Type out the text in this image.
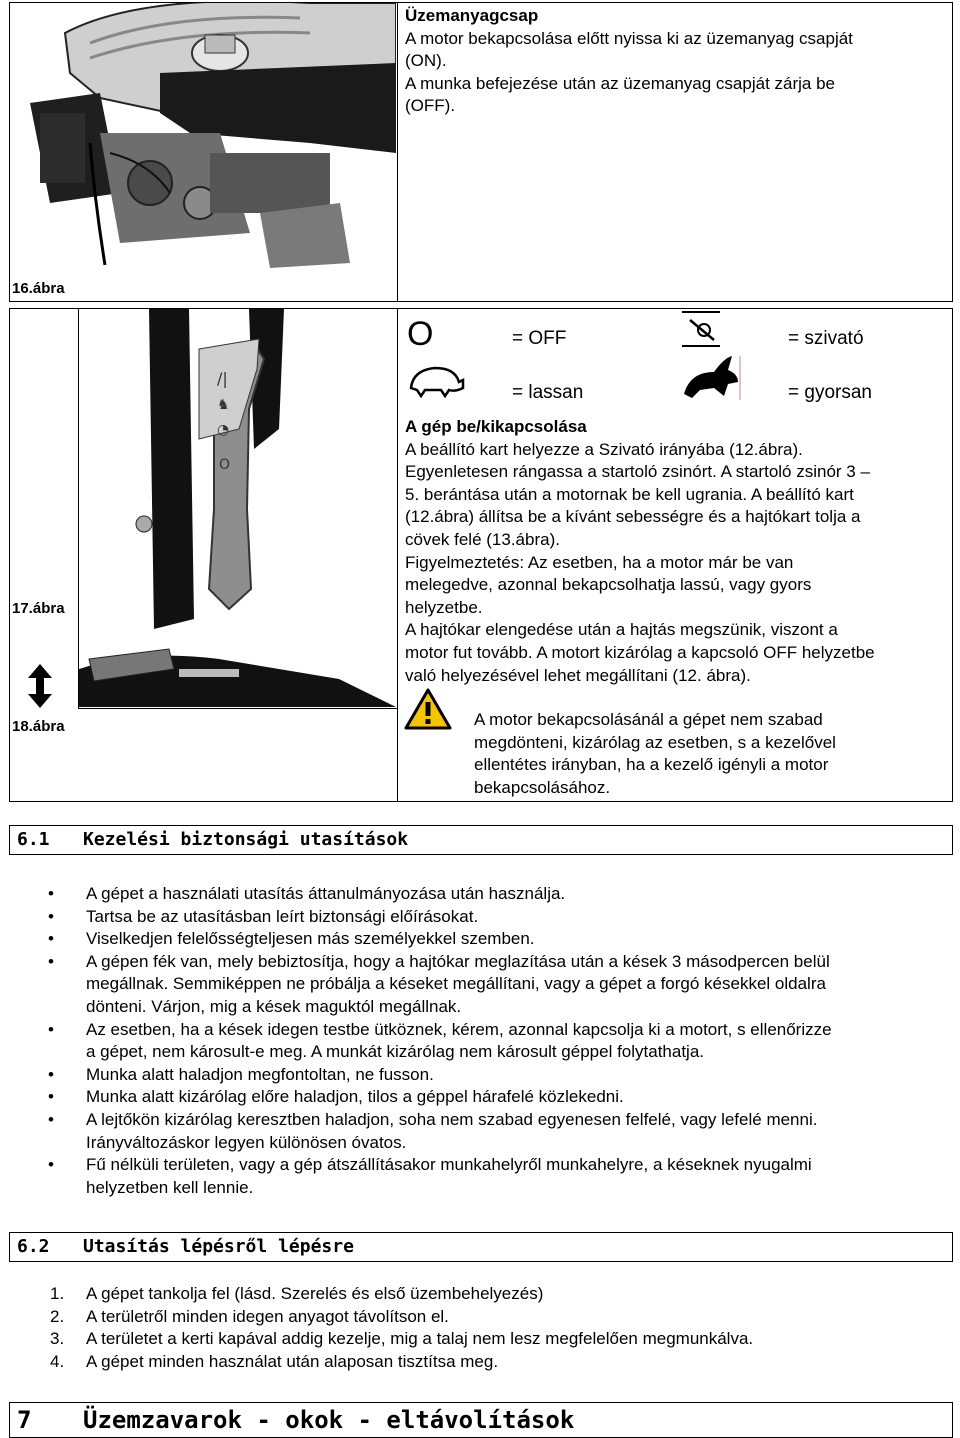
16.ábra
Üzemanyagcsap
A motor bekapcsolása előtt nyissa ki az üzemanyag csapját
(ON).
A munka befejezése után az üzemanyag csapját zárja be
(OFF).
/|
♞
◔
O
17.ábra
18.ábra
O	= OFF	= szivató
= lassan	= gyorsan
A gép be/kikapcsolása
A beállító kart helyezze a Szivató irányába (12.ábra).
Egyenletesen rángassa a startoló zsinórt. A startoló zsinór 3 –
5. berántása után a motornak be kell ugrania. A beállító kart
(12.ábra) állítsa be a kívánt sebességre és a hajtókart tolja a
cövek felé (13.ábra).
Figyelmeztetés: Az esetben, ha a motor már be van
melegedve, azonnal bekapcsolhatja lassú, vagy gyors
helyzetbe.
A hajtókar elengedése után a hajtás megszünik, viszont a
motor fut tovább. A motort kizárólag a kapcsoló OFF helyzetbe
való helyezésével lehet megállítani (12. ábra).
A motor bekapcsolásánál a gépet nem szabad
megdönteni, kizárólag az esetben, s a kezelővel
ellentétes irányban, ha a kezelő igényli a motor
bekapcsolásához.
6.1 Kezelési biztonsági utasítások
• A gépet a használati utasítás áttanulmányozása után használja.
• Tartsa be az utasításban leírt biztonsági előírásokat.
• Viselkedjen felelősségteljesen más személyekkel szemben.
• A gépen fék van, mely bebiztosítja, hogy a hajtókar meglazítása után a kések 3 másodpercen belül
megállnak. Semmiképpen ne próbálja a késeket megállítani, vagy a gépet a forgó késekkel oldalra
dönteni. Várjon, mig a kések maguktól megállnak.
• Az esetben, ha a kések idegen testbe ütköznek, kérem, azonnal kapcsolja ki a motort, s ellenőrizze
a gépet, nem károsult-e meg. A munkát kizárólag nem károsult géppel folytathatja.
• Munka alatt haladjon megfontoltan, ne fusson.
• Munka alatt kizárólag előre haladjon, tilos a géppel hárafelé közlekedni.
• A lejtőkön kizárólag keresztben haladjon, soha nem szabad egyenesen felfelé, vagy lefelé menni.
Irányváltozáskor legyen különösen óvatos.
• Fű nélküli területen, vagy a gép átszállításakor munkahelyről munkahelyre, a késeknek nyugalmi
helyzetben kell lennie.
6.2 Utasítás lépésről lépésre
1. A gépet tankolja fel (lásd. Szerelés és első üzembehelyezés)
2. A területről minden idegen anyagot távolítson el.
3. A területet a kerti kapával addig kezelje, mig a talaj nem lesz megfelelően megmunkálva.
4. A gépet minden használat után alaposan tisztítsa meg.
7 Üzemzavarok - okok - eltávolítások
